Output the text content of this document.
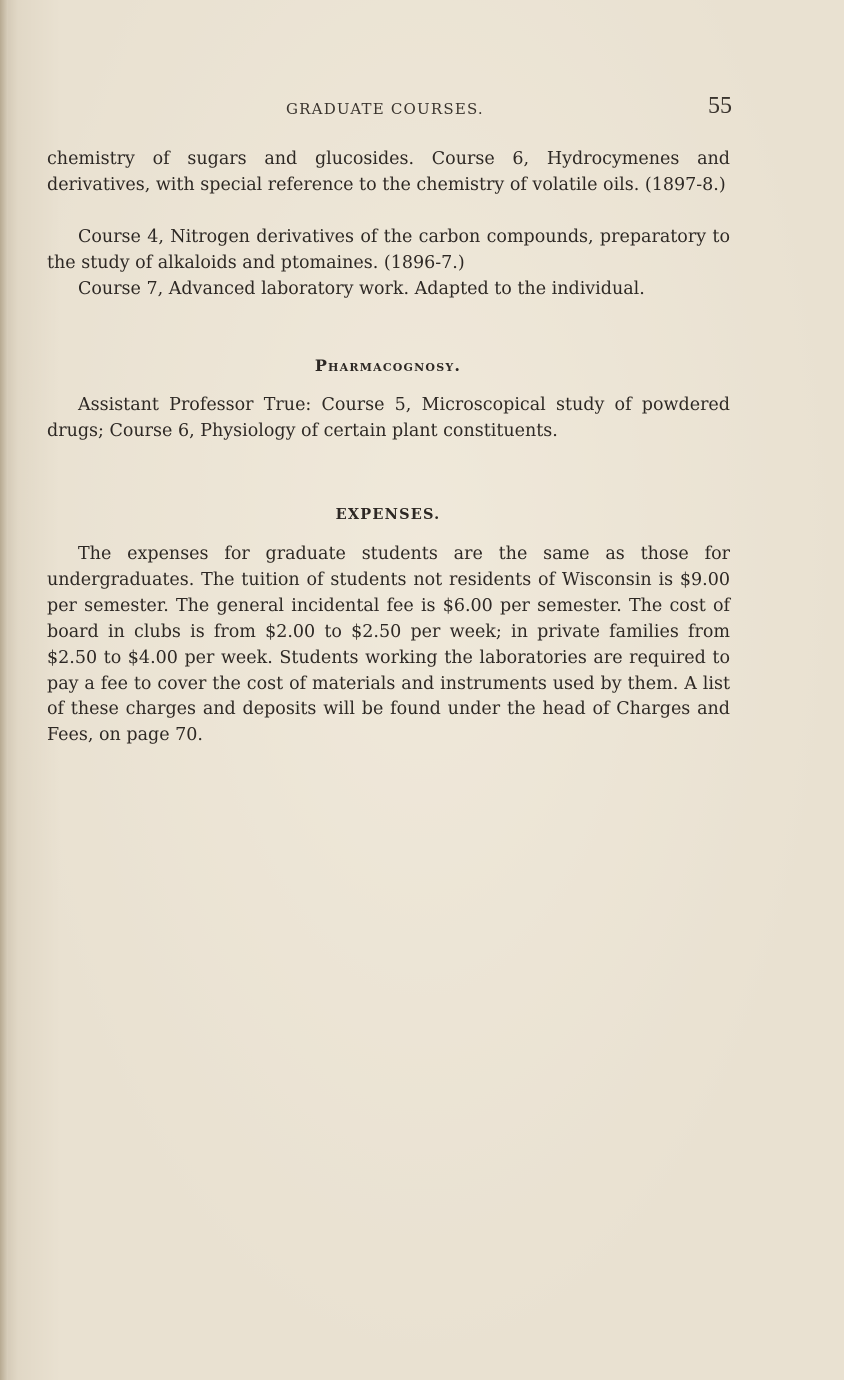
GRADUATE COURSES.	55

chemistry of sugars and glucosides. Course 6, Hydrocymenes and derivatives, with special reference to the chemistry of volatile oils. (1897-8.)

Course 4, Nitrogen derivatives of the carbon compounds, preparatory to the study of alkaloids and ptomaines. (1896-7.)

Course 7, Advanced laboratory work. Adapted to the individual.

Pharmacognosy.

Assistant Professor True: Course 5, Microscopical study of powdered drugs; Course 6, Physiology of certain plant constituents.

EXPENSES.

The expenses for graduate students are the same as those for undergraduates. The tuition of students not residents of Wisconsin is $9.00 per semester. The general incidental fee is $6.00 per semester. The cost of board in clubs is from $2.00 to $2.50 per week; in private families from $2.50 to $4.00 per week. Students working the laboratories are required to pay a fee to cover the cost of materials and instruments used by them. A list of these charges and deposits will be found under the head of Charges and Fees, on page 70.
